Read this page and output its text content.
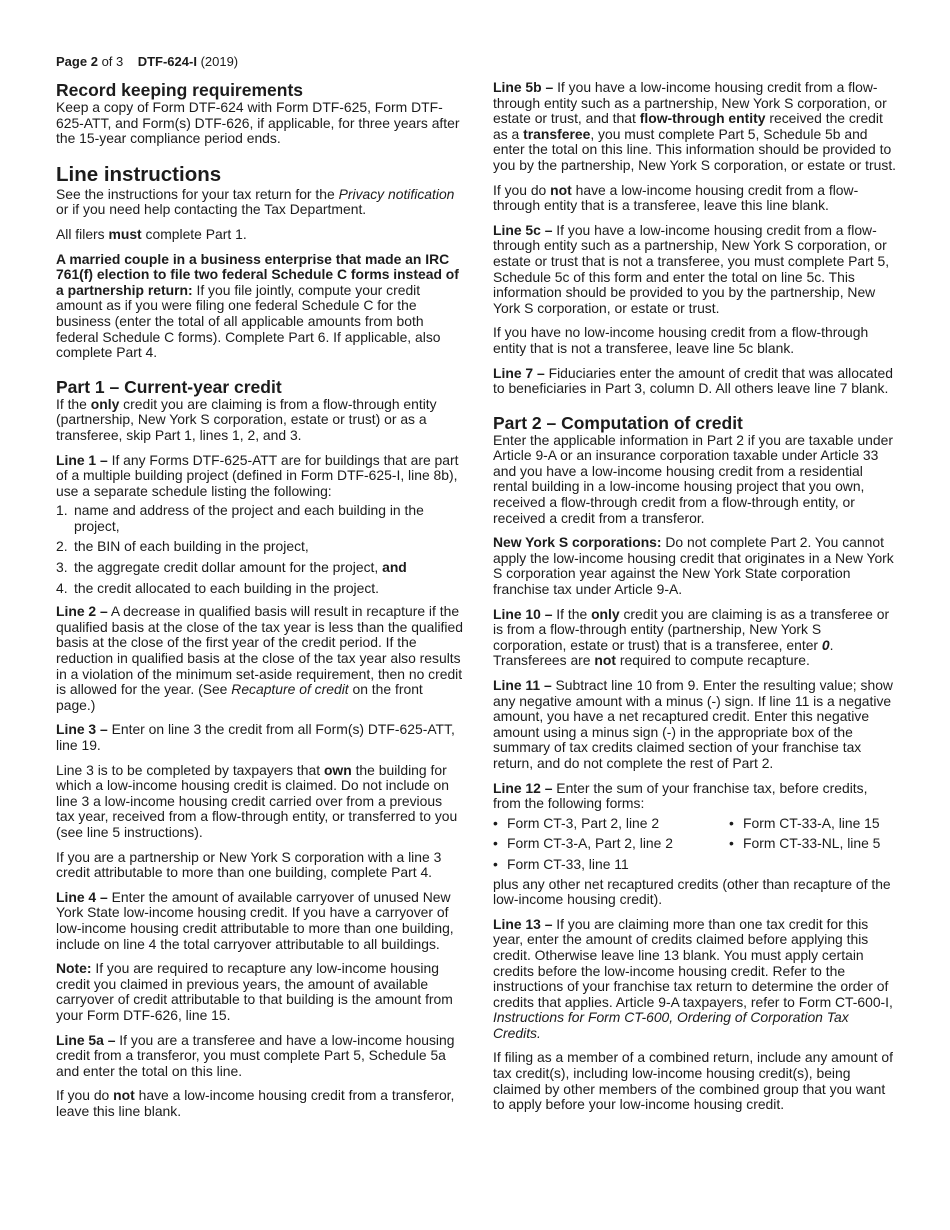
Page 2 of 3 DTF-624-I (2019)
Record keeping requirements

Keep a copy of Form DTF-624 with Form DTF-625, Form DTF-625-ATT, and Form(s) DTF-626, if applicable, for three years after the 15-year compliance period ends.

Line instructions

See the instructions for your tax return for the Privacy notification or if you need help contacting the Tax Department.

All filers must complete Part 1.

A married couple in a business enterprise that made an IRC 761(f) election to file two federal Schedule C forms instead of a partnership return: If you file jointly, compute your credit amount as if you were filing one federal Schedule C for the business (enter the total of all applicable amounts from both federal Schedule C forms). Complete Part 6. If applicable, also complete Part 4.

Part 1 – Current-year credit

If the only credit you are claiming is from a flow-through entity (partnership, New York S corporation, estate or trust) or as a transferee, skip Part 1, lines 1, 2, and 3.

Line 1 – If any Forms DTF-625-ATT are for buildings that are part of a multiple building project (defined in Form DTF-625-I, line 8b), use a separate schedule listing the following:

1. name and address of the project and each building in the project,
2. the BIN of each building in the project,
3. the aggregate credit dollar amount for the project, and
4. the credit allocated to each building in the project.

Line 2 – A decrease in qualified basis will result in recapture if the qualified basis at the close of the tax year is less than the qualified basis at the close of the first year of the credit period. If the reduction in qualified basis at the close of the tax year also results in a violation of the minimum set-aside requirement, then no credit is allowed for the year. (See Recapture of credit on the front page.)

Line 3 – Enter on line 3 the credit from all Form(s) DTF-625-ATT, line 19.

Line 3 is to be completed by taxpayers that own the building for which a low-income housing credit is claimed. Do not include on line 3 a low-income housing credit carried over from a previous tax year, received from a flow-through entity, or transferred to you (see line 5 instructions).

If you are a partnership or New York S corporation with a line 3 credit attributable to more than one building, complete Part 4.

Line 4 – Enter the amount of available carryover of unused New York State low-income housing credit. If you have a carryover of low-income housing credit attributable to more than one building, include on line 4 the total carryover attributable to all buildings.

Note: If you are required to recapture any low-income housing credit you claimed in previous years, the amount of available carryover of credit attributable to that building is the amount from your Form DTF-626, line 15.

Line 5a – If you are a transferee and have a low-income housing credit from a transferor, you must complete Part 5, Schedule 5a and enter the total on this line.

If you do not have a low-income housing credit from a transferor, leave this line blank.

Line 5b – If you have a low-income housing credit from a flow-through entity such as a partnership, New York S corporation, or estate or trust, and that flow-through entity received the credit as a transferee, you must complete Part 5, Schedule 5b and enter the total on this line. This information should be provided to you by the partnership, New York S corporation, or estate or trust.

If you do not have a low-income housing credit from a flow-through entity that is a transferee, leave this line blank.

Line 5c – If you have a low-income housing credit from a flow-through entity such as a partnership, New York S corporation, or estate or trust that is not a transferee, you must complete Part 5, Schedule 5c of this form and enter the total on line 5c. This information should be provided to you by the partnership, New York S corporation, or estate or trust.

If you have no low-income housing credit from a flow-through entity that is not a transferee, leave line 5c blank.

Line 7 – Fiduciaries enter the amount of credit that was allocated to beneficiaries in Part 3, column D. All others leave line 7 blank.

Part 2 – Computation of credit

Enter the applicable information in Part 2 if you are taxable under Article 9-A or an insurance corporation taxable under Article 33 and you have a low-income housing credit from a residential rental building in a low-income housing project that you own, received a flow-through credit from a flow-through entity, or received a credit from a transferor.

New York S corporations: Do not complete Part 2. You cannot apply the low-income housing credit that originates in a New York S corporation year against the New York State corporation franchise tax under Article 9-A.

Line 10 – If the only credit you are claiming is as a transferee or is from a flow-through entity (partnership, New York S corporation, estate or trust) that is a transferee, enter 0. Transferees are not required to compute recapture.

Line 11 – Subtract line 10 from 9. Enter the resulting value; show any negative amount with a minus (-) sign. If line 11 is a negative amount, you have a net recaptured credit. Enter this negative amount using a minus sign (-) in the appropriate box of the summary of tax credits claimed section of your franchise tax return, and do not complete the rest of Part 2.

Line 12 – Enter the sum of your franchise tax, before credits, from the following forms:

• Form CT-3, Part 2, line 2	• Form CT-33-A, line 15
• Form CT-3-A, Part 2, line 2	• Form CT-33-NL, line 5
• Form CT-33, line 11

plus any other net recaptured credits (other than recapture of the low-income housing credit).

Line 13 – If you are claiming more than one tax credit for this year, enter the amount of credits claimed before applying this credit. Otherwise leave line 13 blank. You must apply certain credits before the low-income housing credit. Refer to the instructions of your franchise tax return to determine the order of credits that applies. Article 9-A taxpayers, refer to Form CT-600-I, Instructions for Form CT-600, Ordering of Corporation Tax Credits.

If filing as a member of a combined return, include any amount of tax credit(s), including low-income housing credit(s), being claimed by other members of the combined group that you want to apply before your low-income housing credit.
